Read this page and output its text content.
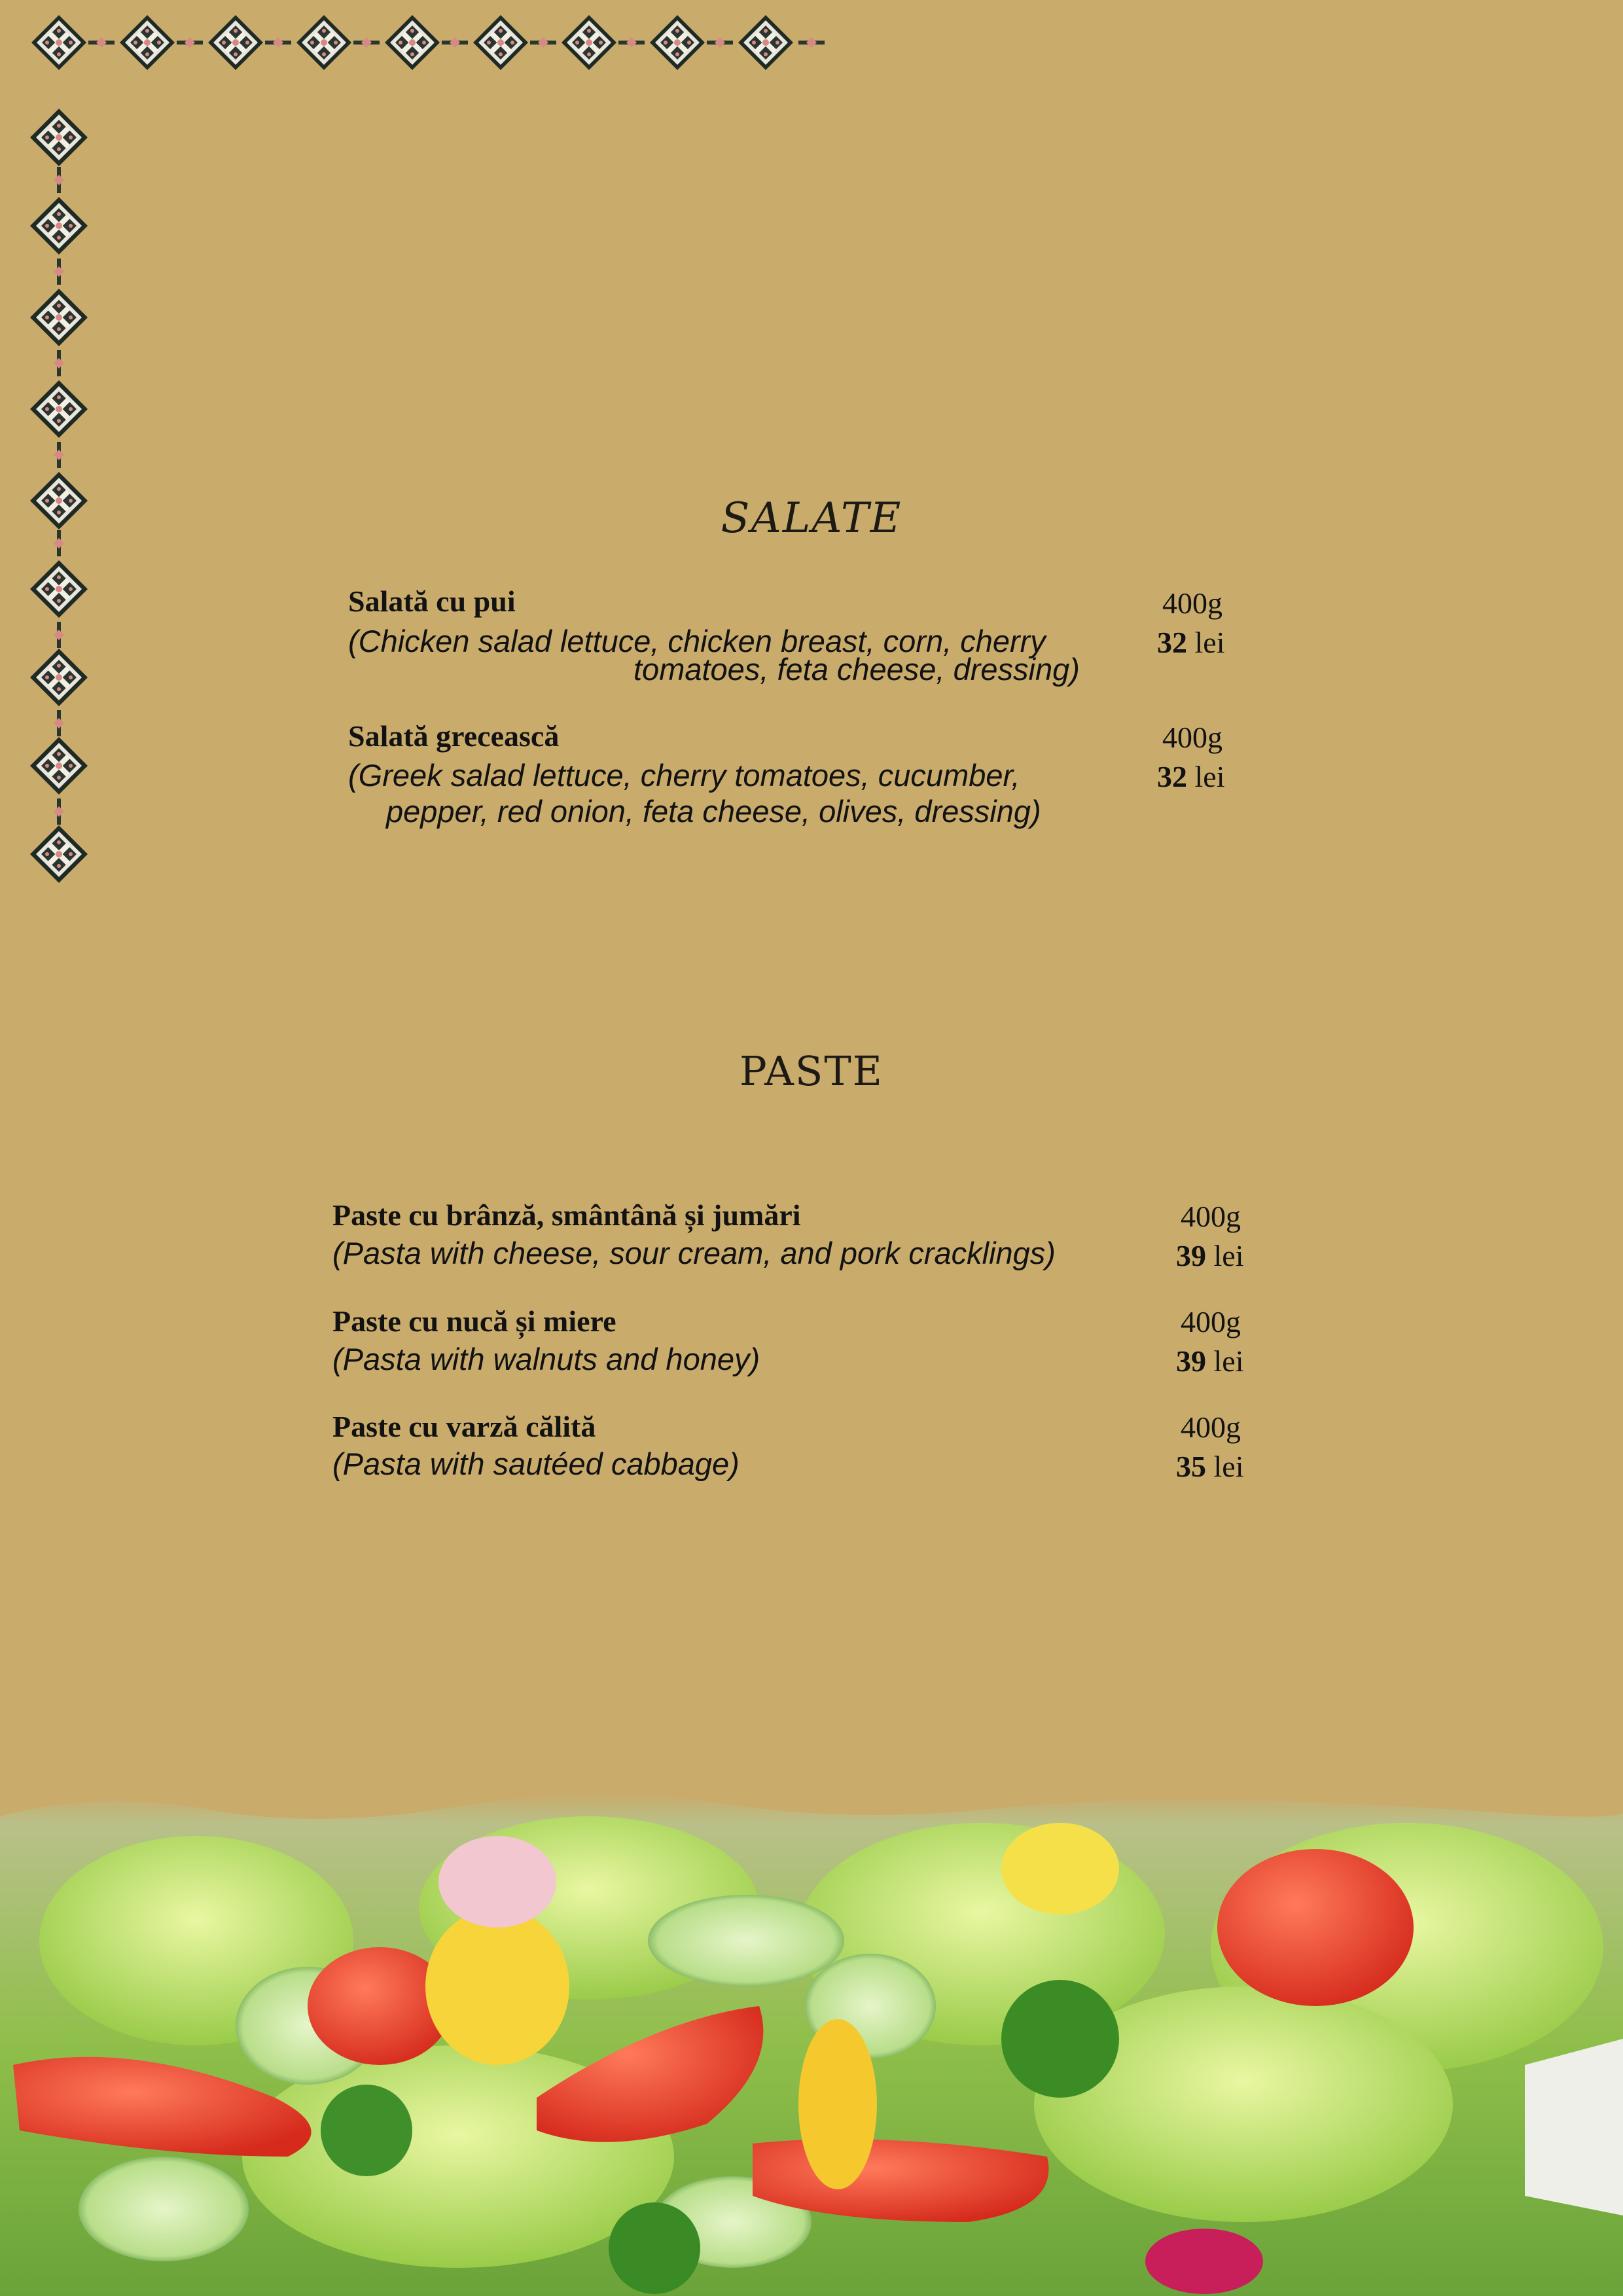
SALATE
Salată cu pui
(Chicken salad lettuce, chicken breast, corn, cherry
tomatoes, feta cheese, dressing)
400g
32 lei
Salată grecească
(Greek salad lettuce, cherry tomatoes, cucumber,
pepper, red onion, feta cheese, olives, dressing)
400g
32 lei
PASTE
Paste cu brânză, smântână și jumări
(Pasta with cheese, sour cream, and pork cracklings)
400g
39 lei
Paste cu nucă și miere
(Pasta with walnuts and honey)
400g
39 lei
Paste cu varză călită
(Pasta with sautéed cabbage)
400g
35 lei
